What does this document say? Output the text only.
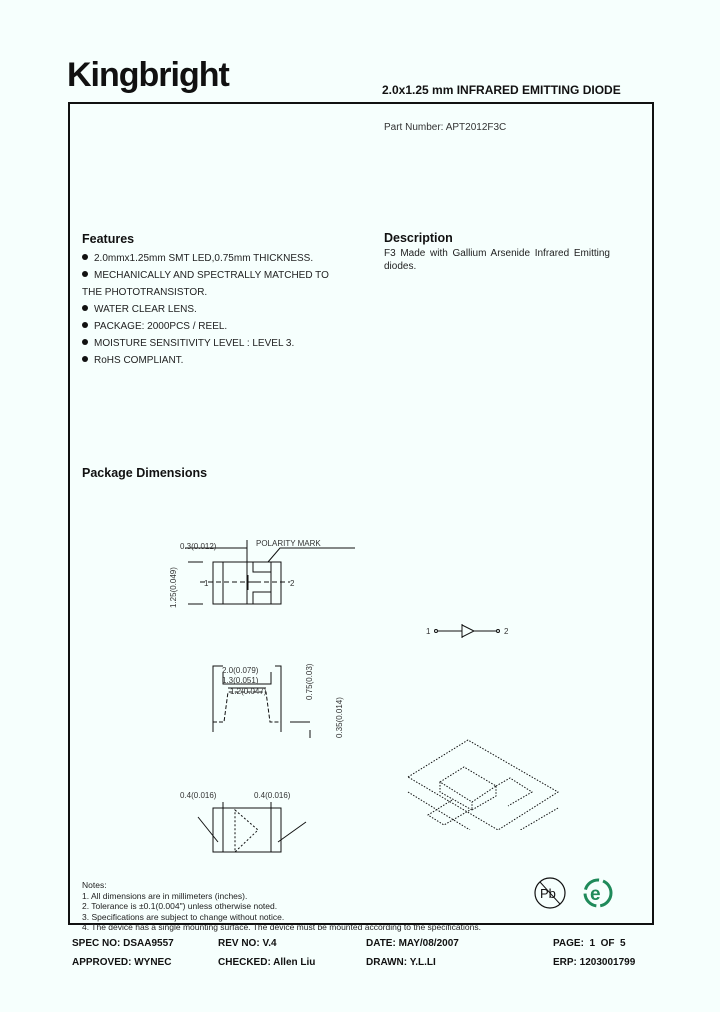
Kingbright	2.0x1.25 mm INFRARED EMITTING DIODE
Part Number: APT2012F3C
Features
2.0mmx1.25mm SMT LED,0.75mm THICKNESS.
MECHANICALLY AND SPECTRALLY MATCHED TO
THE PHOTOTRANSISTOR.
WATER CLEAR LENS.
PACKAGE: 2000PCS / REEL.
MOISTURE SENSITIVITY LEVEL : LEVEL 3.
RoHS COMPLIANT.
Description

F3 Made with Gallium Arsenide Infrared Emitting diodes.

Package Dimensions
0.3(0.012)	POLARITY MARK
1.25(0.049)	1	2
2.0(0.079)
1.3(0.051)
1.2(0.047)	0.75(0.03)
0.35(0.014)
0.4(0.016)	0.4(0.016)
1	2
Notes:
1. All dimensions are in millimeters (inches).
2. Tolerance is ±0.1(0.004") unless otherwise noted.
3. Specifications are subject to change without notice.
4. The device has a single mounting surface. The device must be mounted according to the specifications.
Pb e
SPEC NO: DSAA9557	REV NO: V.4	DATE: MAY/08/2007	PAGE:  1  OF  5
APPROVED: WYNEC	CHECKED: Allen Liu	DRAWN: Y.L.LI	ERP: 1203001799
